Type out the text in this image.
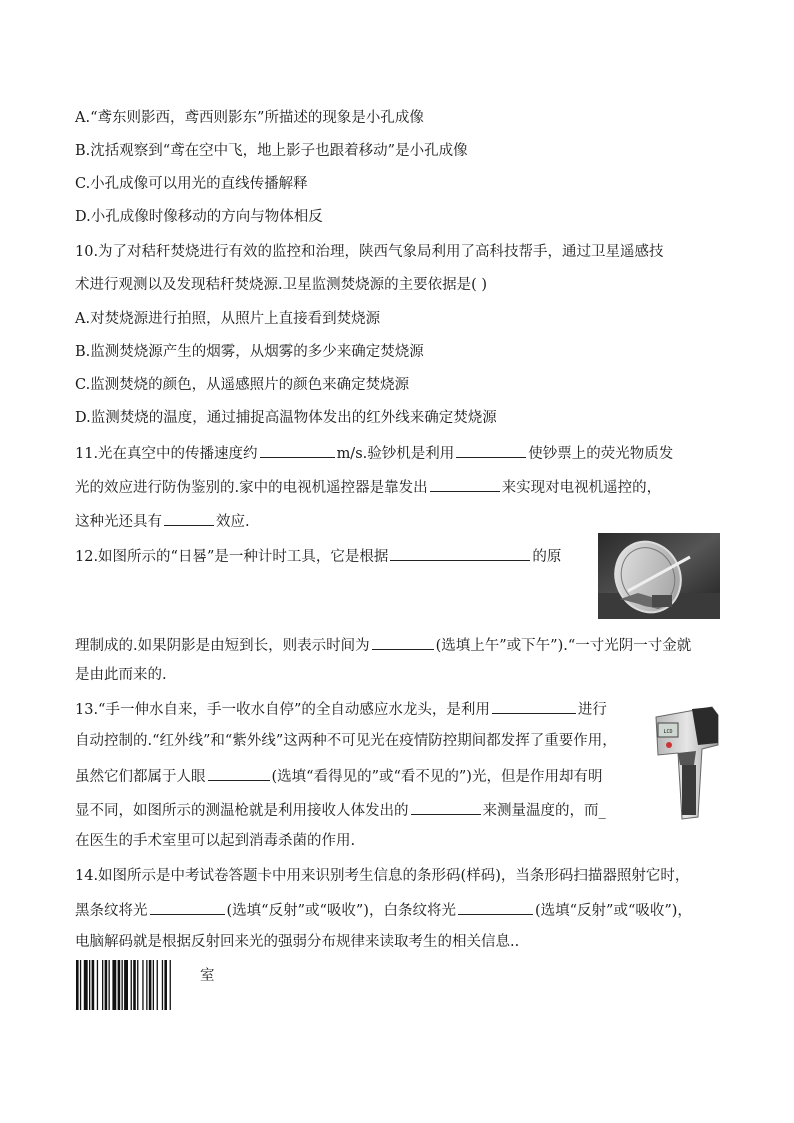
A.“鸢东则影西，鸢西则影东”所描述的现象是小孔成像
B.沈括观察到“鸢在空中飞，地上影子也跟着移动”是小孔成像
C.小孔成像可以用光的直线传播解释
D.小孔成像时像移动的方向与物体相反
10.为了对秸秆焚烧进行有效的监控和治理，陕西气象局利用了高科技帮手，通过卫星遥感技
术进行观测以及发现秸秆焚烧源.卫星监测焚烧源的主要依据是( )
A.对焚烧源进行拍照，从照片上直接看到焚烧源
B.监测焚烧源产生的烟雾，从烟雾的多少来确定焚烧源
C.监测焚烧的颜色，从遥感照片的颜色来确定焚烧源
D.监测焚烧的温度，通过捕捉高温物体发出的红外线来确定焚烧源
11.光在真空中的传播速度约	m/s.验钞机是利用	使钞票上的荧光物质发
光的效应进行防伪鉴别的.家中的电视机遥控器是靠发出	来实现对电视机遥控的，
这种光还具有	效应.
12.如图所示的“日晷”是一种计时工具，它是根据	的原
理制成的.如果阴影是由短到长，则表示时间为	(选填上午”或下午”).“一寸光阴一寸金就
是由此而来的.
13.“手一伸水自来，手一收水自停”的全自动感应水龙头，是利用	进行
自动控制的.“红外线”和“紫外线”这两种不可见光在疫情防控期间都发挥了重要作用，
虽然它们都属于人眼	(选填“看得见的”或“看不见的”)光，但是作用却有明
显不同，如图所示的测温枪就是利用接收人体发出的	来测量温度的，而_
在医生的手术室里可以起到消毒杀菌的作用.
LCD
14.如图所示是中考试卷答题卡中用来识别考生信息的条形码(样码)，当条形码扫描器照射它时，
黑条纹将光	(选填“反射”或“吸收”)，白条纹将光	(选填“反射”或“吸收”)，
电脑解码就是根据反射回来光的强弱分布规律来读取考生的相关信息..
室
